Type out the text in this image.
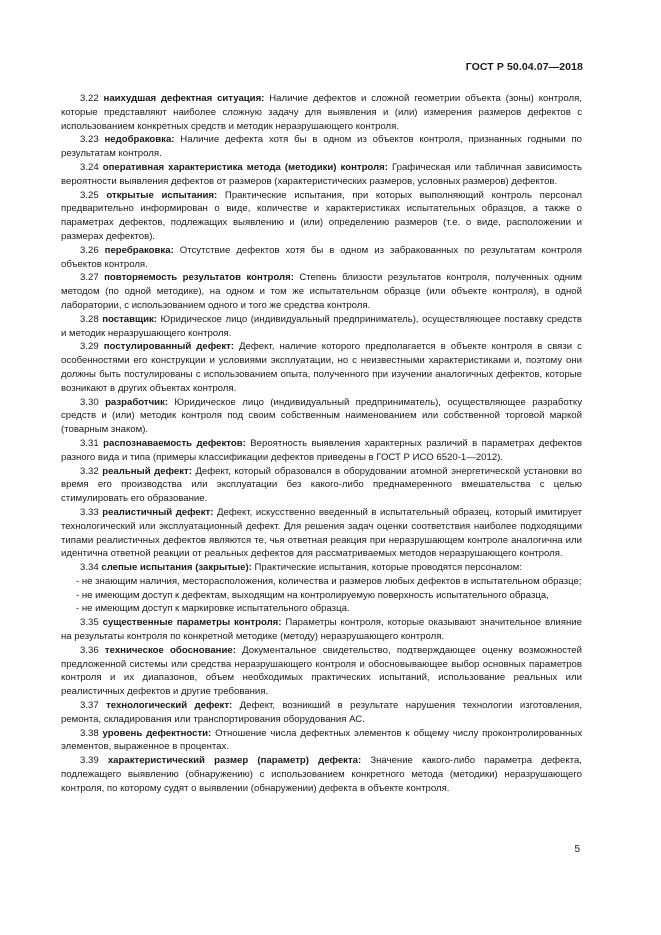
ГОСТ Р 50.04.07—2018

3.22 наихудшая дефектная ситуация: Наличие дефектов и сложной геометрии объекта (зоны) контроля, которые представляют наиболее сложную задачу для выявления и (или) измерения размеров дефектов с использованием конкретных средств и методик неразрушающего контроля.

3.23 недобраковка: Наличие дефекта хотя бы в одном из объектов контроля, признанных годными по результатам контроля.

3.24 оперативная характеристика метода (методики) контроля: Графическая или табличная зависимость вероятности выявления дефектов от размеров (характеристических размеров, условных размеров) дефектов.

3.25 открытые испытания: Практические испытания, при которых выполняющий контроль персонал предварительно информирован о виде, количестве и характеристиках испытательных образцов, а также о параметрах дефектов, подлежащих выявлению и (или) определению размеров (т.е. о виде, расположении и размерах дефектов).

3.26 перебраковка: Отсутствие дефектов хотя бы в одном из забракованных по результатам контроля объектов контроля.

3.27 повторяемость результатов контроля: Степень близости результатов контроля, полученных одним методом (по одной методике), на одном и том же испытательном образце (или объекте контроля), в одной лаборатории, с использованием одного и того же средства контроля.

3.28 поставщик: Юридическое лицо (индивидуальный предприниматель), осуществляющее поставку средств и методик неразрушающего контроля.

3.29 постулированный дефект: Дефект, наличие которого предполагается в объекте контроля в связи с особенностями его конструкции и условиями эксплуатации, но с неизвестными характеристиками и, поэтому они должны быть постулированы с использованием опыта, полученного при изучении аналогичных дефектов, которые возникают в других объектах контроля.

3.30 разработчик: Юридическое лицо (индивидуальный предприниматель), осуществляющее разработку средств и (или) методик контроля под своим собственным наименованием или собственной торговой маркой (товарным знаком).

3.31 распознаваемость дефектов: Вероятность выявления характерных различий в параметрах дефектов разного вида и типа (примеры классификации дефектов приведены в ГОСТ Р ИСО 6520-1—2012).

3.32 реальный дефект: Дефект, который образовался в оборудовании атомной энергетической установки во время его производства или эксплуатации без какого-либо преднамеренного вмешательства с целью стимулировать его образование.

3.33 реалистичный дефект: Дефект, искусственно введенный в испытательный образец, который имитирует технологический или эксплуатационный дефект. Для решения задач оценки соответствия наиболее подходящими типами реалистичных дефектов являются те, чья ответная реакция при неразрушающем контроле аналогична или идентична ответной реакции от реальных дефектов для рассматриваемых методов неразрушающего контроля.

3.34 слепые испытания (закрытые): Практические испытания, которые проводятся персоналом:

- не знающим наличия, месторасположения, количества и размеров любых дефектов в испытательном образце;

- не имеющим доступ к дефектам, выходящим на контролируемую поверхность испытательного образца,

- не имеющим доступ к маркировке испытательного образца.

3.35 существенные параметры контроля: Параметры контроля, которые оказывают значительное влияние на результаты контроля по конкретной методике (методу) неразрушающего контроля.

3.36 техническое обоснование: Документальное свидетельство, подтверждающее оценку возможностей предложенной системы или средства неразрушающего контроля и обосновывающее выбор основных параметров контроля и их диапазонов, объем необходимых практических испытаний, использование реальных или реалистичных дефектов и другие требования.

3.37 технологический дефект: Дефект, возникший в результате нарушения технологии изготовления, ремонта, складирования или транспортирования оборудования АС.

3.38 уровень дефектности: Отношение числа дефектных элементов к общему числу проконтролированных элементов, выраженное в процентах.

3.39 характеристический размер (параметр) дефекта: Значение какого-либо параметра дефекта, подлежащего выявлению (обнаружению) с использованием конкретного метода (методики) неразрушающего контроля, по которому судят о выявлении (обнаружении) дефекта в объекте контроля.

5
